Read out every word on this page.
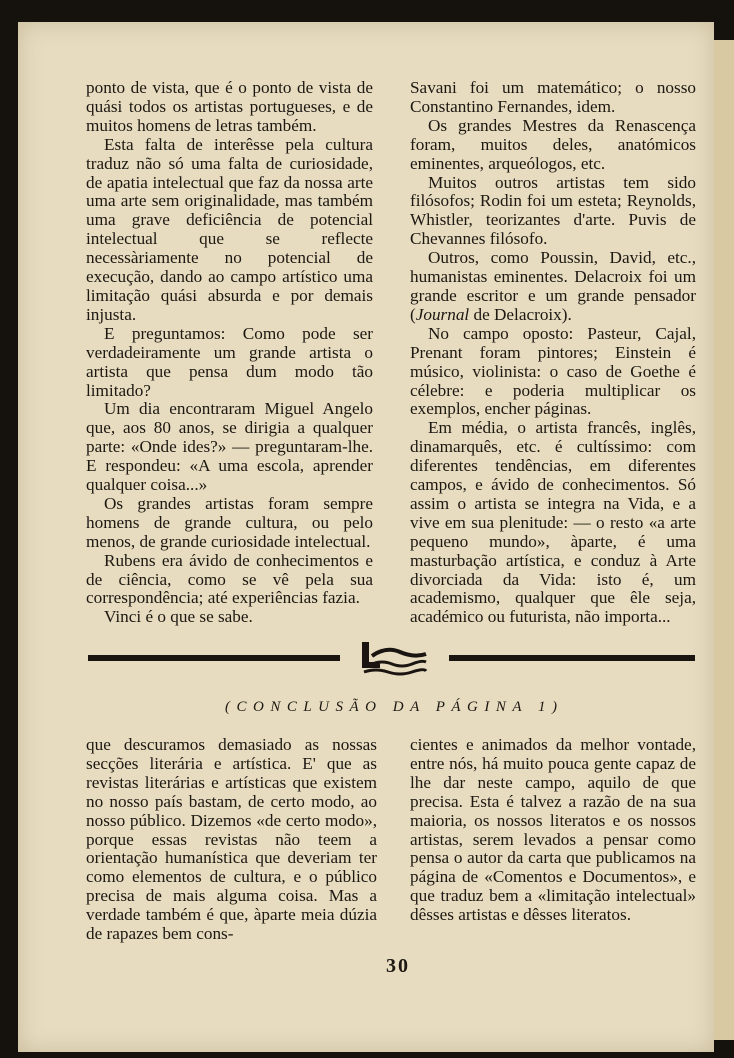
ponto de vista, que é o ponto de vista de quási todos os artistas portugueses, e de muitos homens de letras também.

Esta falta de interêsse pela cultura traduz não só uma falta de curiosidade, de apatia intelectual que faz da nossa arte uma arte sem originalidade, mas também uma grave deficiência de potencial intelectual que se reflecte necessàriamente no potencial de execução, dando ao campo artístico uma limitação quási absurda e por demais injusta.

E preguntamos: Como pode ser verdadeiramente um grande artista o artista que pensa dum modo tão limitado?

Um dia encontraram Miguel Angelo que, aos 80 anos, se dirigia a qualquer parte: «Onde ides?» — preguntaram-lhe. E respondeu: «A uma escola, aprender qualquer coisa...»

Os grandes artistas foram sempre homens de grande cultura, ou pelo menos, de grande curiosidade intelectual.

Rubens era ávido de conhecimentos e de ciência, como se vê pela sua correspondência; até experiências fazia.

Vinci é o que se sabe.

Savani foi um matemático; o nosso Constantino Fernandes, idem.

Os grandes Mestres da Renascença foram, muitos deles, anatómicos eminentes, arqueólogos, etc.

Muitos outros artistas tem sido filósofos; Rodin foi um esteta; Reynolds, Whistler, teorizantes d'arte. Puvis de Chevannes filósofo.

Outros, como Poussin, David, etc., humanistas eminentes. Delacroix foi um grande escritor e um grande pensador (Journal de Delacroix).

No campo oposto: Pasteur, Cajal, Prenant foram pintores; Einstein é músico, violinista: o caso de Goethe é célebre: e poderia multiplicar os exemplos, encher páginas.

Em média, o artista francês, inglês, dinamarquês, etc. é cultíssimo: com diferentes tendências, em diferentes campos, e ávido de conhecimentos. Só assim o artista se integra na Vida, e a vive em sua plenitude: — o resto «a arte pequeno mundo», àparte, é uma masturbação artística, e conduz à Arte divorciada da Vida: isto é, um academismo, qualquer que êle seja, académico ou futurista, não importa...

(CONCLUSÃO DA PÁGINA 1)

que descuramos demasiado as nossas secções literária e artística. E' que as revistas literárias e artísticas que existem no nosso país bastam, de certo modo, ao nosso público. Dizemos «de certo modo», porque essas revistas não teem a orientação humanística que deveriam ter como elementos de cultura, e o público precisa de mais alguma coisa. Mas a verdade também é que, àparte meia dúzia de rapazes bem cons-

cientes e animados da melhor vontade, entre nós, há muito pouca gente capaz de lhe dar neste campo, aquilo de que precisa. Esta é talvez a razão de na sua maioria, os nossos literatos e os nossos artistas, serem levados a pensar como pensa o autor da carta que publicamos na página de «Comentos e Documentos», e que traduz bem a «limitação intelectual» dêsses artistas e dêsses literatos.

30
